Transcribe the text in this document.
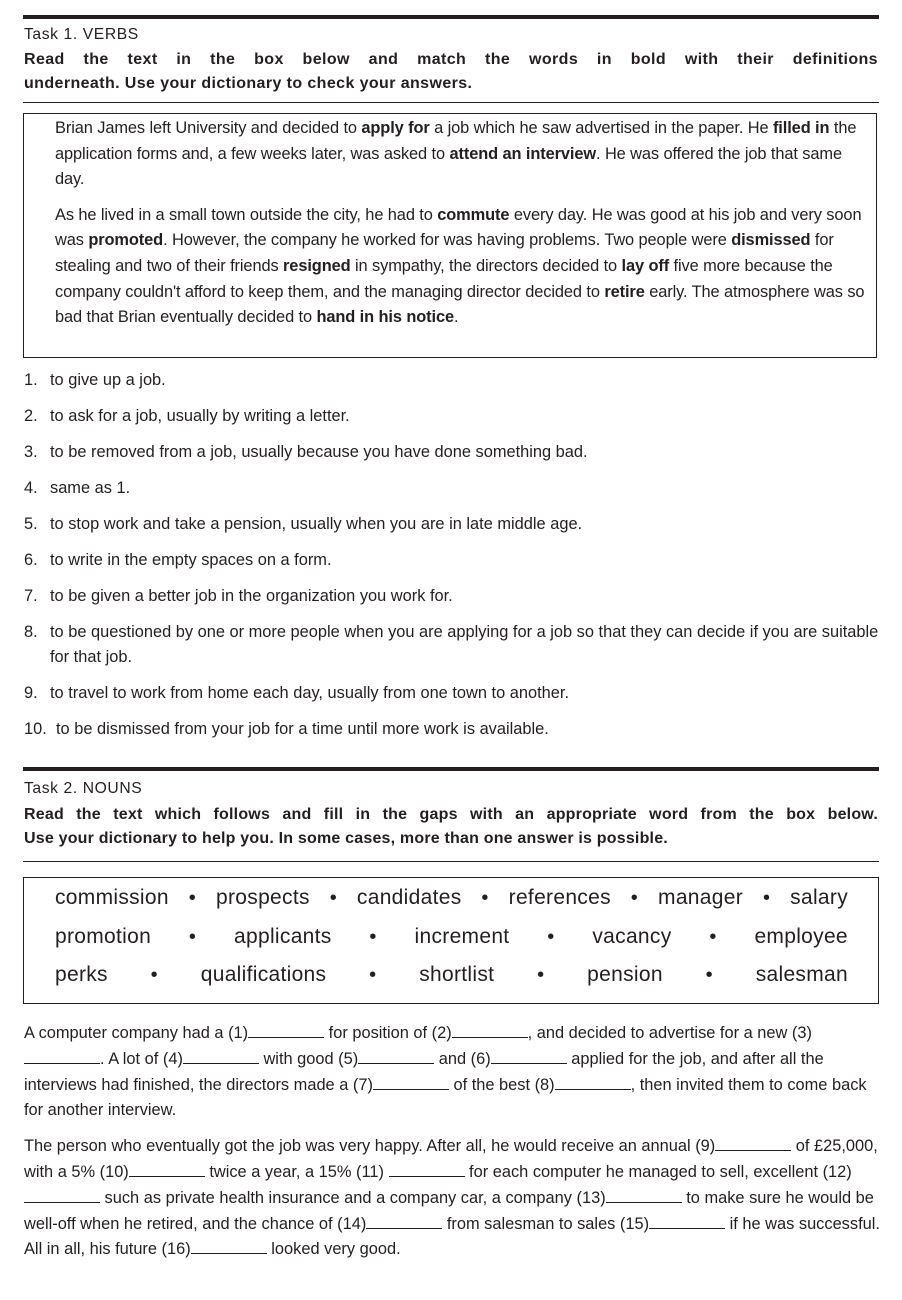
Task 1. VERBS
Read the text in the box below and match the words in bold with their definitions
underneath. Use your dictionary to check your answers.

Brian James left University and decided to apply for a job which he saw advertised in the paper. He filled in the application forms and, a few weeks later, was asked to attend an interview. He was offered the job that same day.

As he lived in a small town outside the city, he had to commute every day. He was good at his job and very soon was promoted. However, the company he worked for was having problems. Two people were dismissed for stealing and two of their friends resigned in sympathy, the directors decided to lay off five more because the company couldn't afford to keep them, and the managing director decided to retire early. The atmosphere was so bad that Brian eventually decided to hand in his notice.

1. to give up a job.
2. to ask for a job, usually by writing a letter.
3. to be removed from a job, usually because you have done something bad.
4. same as 1.
5. to stop work and take a pension, usually when you are in late middle age.
6. to write in the empty spaces on a form.
7. to be given a better job in the organization you work for.
8. to be questioned by one or more people when you are applying for a job so that they can decide if you are suitable for that job.
9. to travel to work from home each day, usually from one town to another.
10. to be dismissed from your job for a time until more work is available.
Task 2. NOUNS
Read the text which follows and fill in the gaps with an appropriate word from the box below.
Use your dictionary to help you. In some cases, more than one answer is possible.
commission • prospects • candidates • references • manager • salary
promotion • applicants • increment • vacancy • employee
perks • qualifications • shortlist • pension • salesman

A computer company had a (1)	for position of (2)	, and decided to advertise for a new (3). A lot of (4)	with good (5)	and (6)	applied for the job, and after all the interviews had finished, the directors made a (7)	of the best (8)	, then invited them to come back for another interview.

The person who eventually got the job was very happy. After all, he would receive an annual (9)	of £25,000, with a 5% (10)	twice a year, a 15% (11)	for each computer he managed to sell, excellent (12) such as private health insurance and a company car, a company (13)	to make sure he would be well-off when he retired, and the chance of (14)	from salesman to sales (15)	if he was successful. All in all, his future (16)	looked very good.
